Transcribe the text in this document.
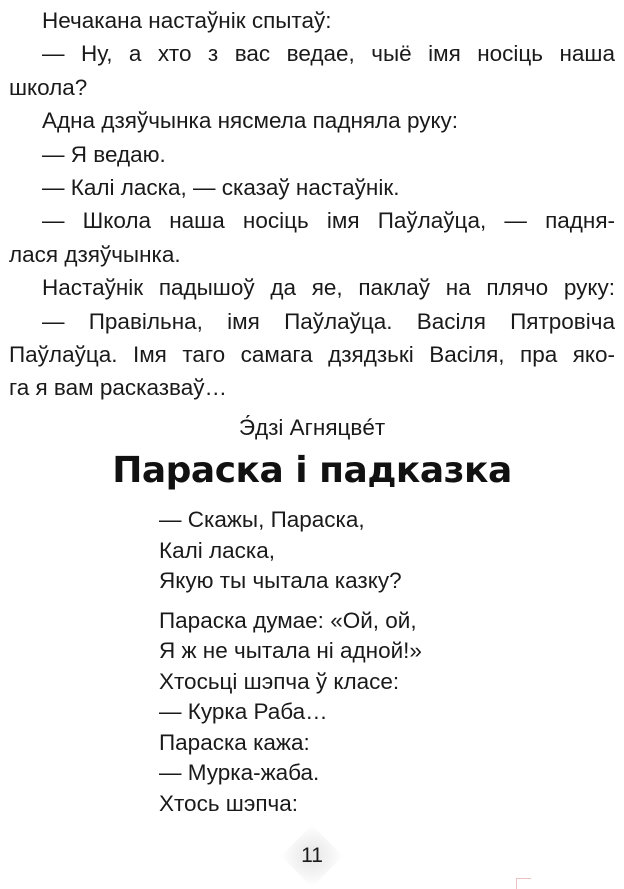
Нечакана настаўнік спытаў:
— Ну, а хто з вас ведае, чыё імя носіць наша
школа?
Адна дзяўчынка нясмела падняла руку:
— Я ведаю.
— Калі ласка, — сказаў настаўнік.
— Школа наша носіць імя Паўлаўца, — падня-
лася дзяўчынка.
Настаўнік падышоў да яе, паклаў на плячо руку:
— Правільна, імя Паўлаўца. Васіля Пятровіча
Паўлаўца. Імя таго самага дзядзькі Васіля, пра яко-
га я вам расказваў…
Э́дзі Агняцвéт
Параска і падказка
— Скажы, Параска,
Калі ласка,
Якую ты чытала казку?
Параска думае: «Ой, ой,
Я ж не чытала ні адной!»
Хтосьці шэпча ў класе:
— Курка Раба…
Параска кажа:
— Мурка-жаба.
Хтось шэпча:
11
